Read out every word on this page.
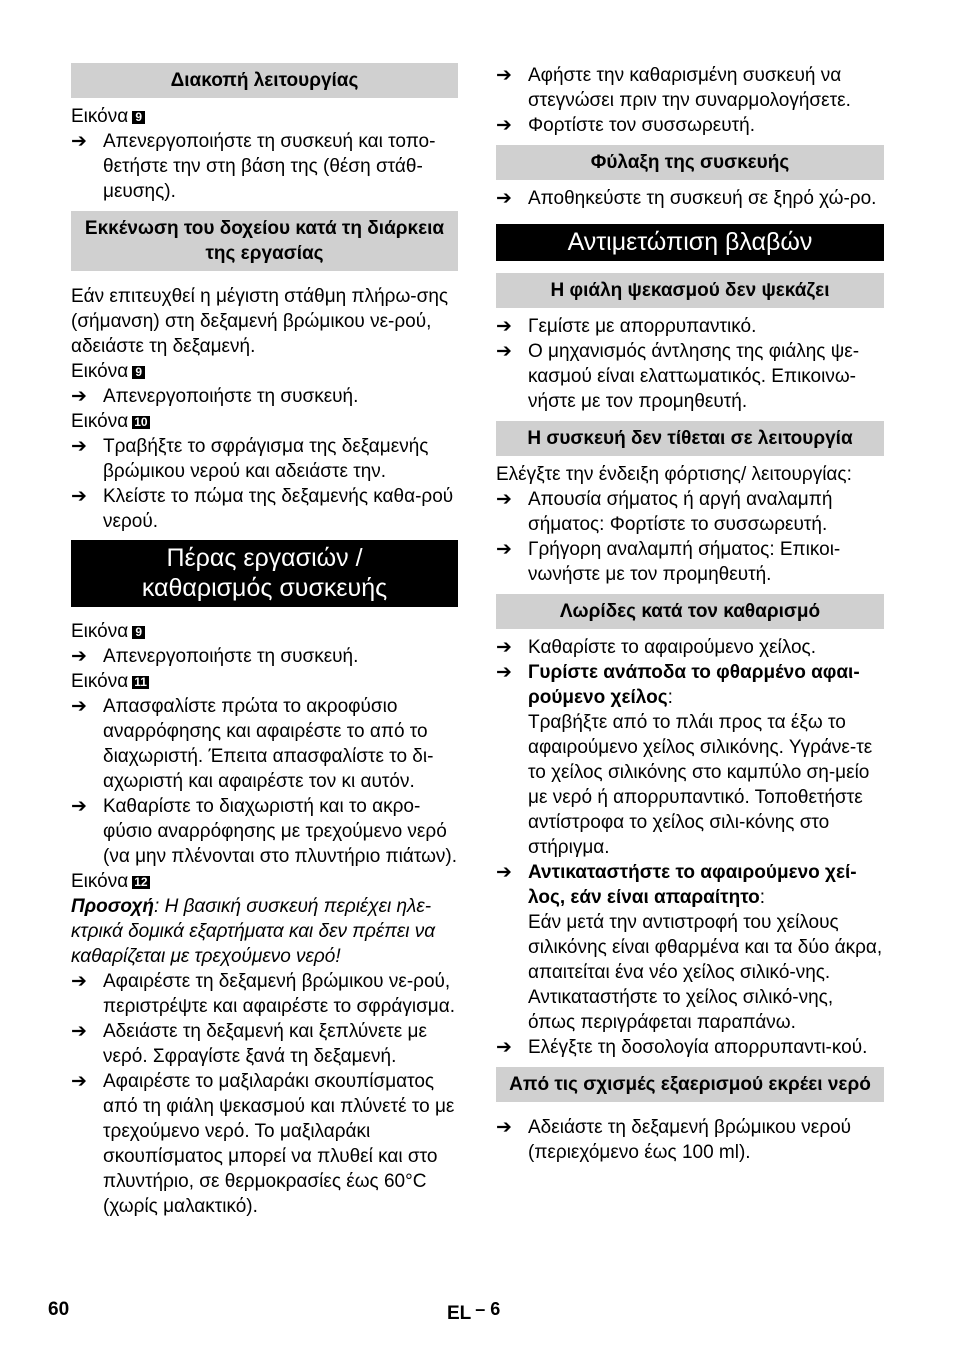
Διακοπή λειτουργίας
Εικόνα 9
➔ Απενεργοποιήστε τη συσκευή και τοπο-θετήστε την στη βάση της (θέση στάθ-μευσης).
Εκκένωση του δοχείου κατά τη διάρκεια της εργασίας
Εάν επιτευχθεί η μέγιστη στάθμη πλήρω-σης (σήμανση) στη δεξαμενή βρώμικου νε-ρού, αδειάστε τη δεξαμενή.
Εικόνα 9
➔ Απενεργοποιήστε τη συσκευή.
Εικόνα 10
➔ Τραβήξτε το σφράγισμα της δεξαμενής βρώμικου νερού και αδειάστε την.
➔ Κλείστε το πώμα της δεξαμενής καθα-ρού νερού.
Πέρας εργασιών /
καθαρισμός συσκευής
Εικόνα 9
➔ Απενεργοποιήστε τη συσκευή.
Εικόνα 11
➔ Απασφαλίστε πρώτα το ακροφύσιο αναρρόφησης και αφαιρέστε το από το διαχωριστή. Έπειτα απασφαλίστε το δι-αχωριστή και αφαιρέστε τον κι αυτόν.
➔ Καθαρίστε το διαχωριστή και το ακρο-φύσιο αναρρόφησης με τρεχούμενο νερό (να μην πλένονται στο πλυντήριο πιάτων).
Εικόνα 12
Προσοχή: Η βασική συσκευή περιέχει ηλε-κτρικά δομικά εξαρτήματα και δεν πρέπει να καθαρίζεται με τρεχούμενο νερό!
➔ Αφαιρέστε τη δεξαμενή βρώμικου νε-ρού, περιστρέψτε και αφαιρέστε το σφράγισμα.
➔ Αδειάστε τη δεξαμενή και ξεπλύνετε με νερό. Σφραγίστε ξανά τη δεξαμενή.
➔ Αφαιρέστε το μαξιλαράκι σκουπίσματος από τη φιάλη ψεκασμού και πλύνετέ το με τρεχούμενο νερό. Το μαξιλαράκι σκουπίσματος μπορεί να πλυθεί και στο πλυντήριο, σε θερμοκρασίες έως 60°C (χωρίς μαλακτικό).
➔ Αφήστε την καθαρισμένη συσκευή να στεγνώσει πριν την συναρμολογήσετε.
➔ Φορτίστε τον συσσωρευτή.
Φύλαξη της συσκευής
➔ Αποθηκεύστε τη συσκευή σε ξηρό χώ-ρο.
Αντιμετώπιση βλαβών
Η φιάλη ψεκασμού δεν ψεκάζει
➔ Γεμίστε με απορρυπαντικό.
➔ Ο μηχανισμός άντλησης της φιάλης ψε-κασμού είναι ελαττωματικός. Επικοινω-νήστε με τον προμηθευτή.
Η συσκευή δεν τίθεται σε λειτουργία
Ελέγξτε την ένδειξη φόρτισης/ λειτουργίας:
➔ Απουσία σήματος ή αργή αναλαμπή σήματος: Φορτίστε το συσσωρευτή.
➔ Γρήγορη αναλαμπή σήματος: Επικοι-νωνήστε με τον προμηθευτή.
Λωρίδες κατά τον καθαρισμό
➔ Καθαρίστε το αφαιρούμενο χείλος.
➔ Γυρίστε ανάποδα το φθαρμένο αφαι-ρούμενο χείλος:
Τραβήξτε από το πλάι προς τα έξω το αφαιρούμενο χείλος σιλικόνης. Υγράνε-τε το χείλος σιλικόνης στο καμπύλο ση-μείο με νερό ή απορρυπαντικό. Τοποθετήστε αντίστροφα το χείλος σιλι-κόνης στο στήριγμα.
➔ Αντικαταστήστε το αφαιρούμενο χεί-λος, εάν είναι απαραίτητο:
Εάν μετά την αντιστροφή του χείλους σιλικόνης είναι φθαρμένα και τα δύο άκρα, απαιτείται ένα νέο χείλος σιλικό-νης. Αντικαταστήστε το χείλος σιλικό-νης, όπως περιγράφεται παραπάνω.
➔ Ελέγξτε τη δοσολογία απορρυπαντι-κού.
Από τις σχισμές εξαερισμού εκρέει νερό
➔ Αδειάστε τη δεξαμενή βρώμικου νερού (περιεχόμενο έως 100 ml).
60	EL – 6
